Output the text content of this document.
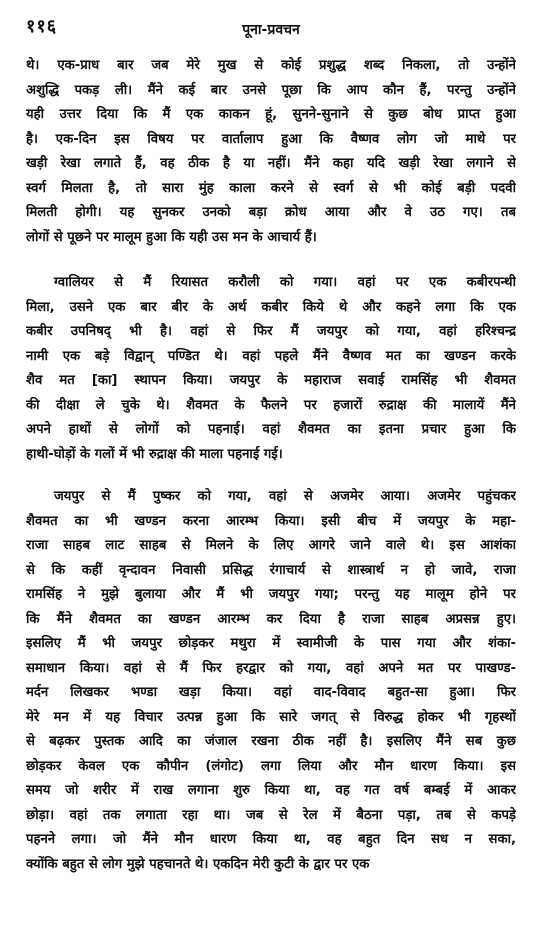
११६	पूना-प्रवचन
थे। एक-प्राध बार जब मेरे मुख से कोई प्रशुद्ध शब्द निकला, तो उन्होंने
अशुद्धि पकड़ ली। मैंने कई बार उनसे पूछा कि आप कौन हैं, परन्तु उन्होंने
यही उत्तर दिया कि मैं एक काकन हूं, सुनने-सुनाने से कुछ बोध प्राप्त हुआ
है। एक-दिन इस विषय पर वार्तालाप हुआ कि वैष्णव लोग जो माथे पर
खड़ी रेखा लगाते हैं, वह ठीक है या नहीं। मैंने कहा यदि खड़ी रेखा लगाने से
स्वर्ग मिलता है, तो सारा मुंह काला करने से स्वर्ग से भी कोई बड़ी पदवी
मिलती होगी। यह सुनकर उनको बड़ा क्रोध आया और वे उठ गए। तब
लोगों से पूछने पर मालूम हुआ कि यही उस मन के आचार्य हैं।
ग्वालियर से मैं रियासत करौली को गया। वहां पर एक कबीरपन्थी
मिला, उसने एक बार बीर के अर्थ कबीर किये थे और कहने लगा कि एक
कबीर उपनिषद् भी है। वहां से फिर मैं जयपुर को गया, वहां हरिश्चन्द्र
नामी एक बड़े विद्वान् पण्डित थे। वहां पहले मैंने वैष्णव मत का खण्डन करके
शैव मत [का] स्थापन किया। जयपुर के महाराज सवाई रामसिंह भी शैवमत
की दीक्षा ले चुके थे। शैवमत के फैलने पर हजारों रुद्राक्ष की मालायें मैंने
अपने हाथों से लोगों को पहनाई। वहां शैवमत का इतना प्रचार हुआ कि
हाथी-घोड़ों के गलों में भी रुद्राक्ष की माला पहनाई गई।
जयपुर से मैं पुष्कर को गया, वहां से अजमेर आया। अजमेर पहुंचकर
शैवमत का भी खण्डन करना आरम्भ किया। इसी बीच में जयपुर के महा-
राजा साहब लाट साहब से मिलने के लिए आगरे जाने वाले थे। इस आशंका
से कि कहीं वृन्दावन निवासी प्रसिद्ध रंगाचार्य से शास्त्रार्थ न हो जावे, राजा
रामसिंह ने मुझे बुलाया और मैं भी जयपुर गया; परन्तु यह मालूम होने पर
कि मैंने शैवमत का खण्डन आरम्भ कर दिया है राजा साहब अप्रसन्न हुए।
इसलिए मैं भी जयपुर छोड़कर मथुरा में स्वामीजी के पास गया और शंका-
समाधान किया। वहां से मैं फिर हरद्वार को गया, वहां अपने मत पर पाखण्ड-
मर्दन लिखकर भण्डा खड़ा किया। वहां वाद-विवाद बहुत-सा हुआ। फिर
मेरे मन में यह विचार उत्पन्न हुआ कि सारे जगत् से विरुद्ध होकर भी गृहस्थों
से बढ़कर पुस्तक आदि का जंजाल रखना ठीक नहीं है। इसलिए मैंने सब कुछ
छोड़कर केवल एक कौपीन (लंगोट) लगा लिया और मौन धारण किया। इस
समय जो शरीर में राख लगाना शुरु किया था, वह गत वर्ष बम्बई में आकर
छोड़ा। वहां तक लगाता रहा था। जब से रेल में बैठना पड़ा, तब से कपड़े
पहनने लगा। जो मैंने मौन धारण किया था, वह बहुत दिन सध न सका,
क्योंकि बहुत से लोग मुझे पहचानते थे। एकदिन मेरी कुटी के द्वार पर एक
